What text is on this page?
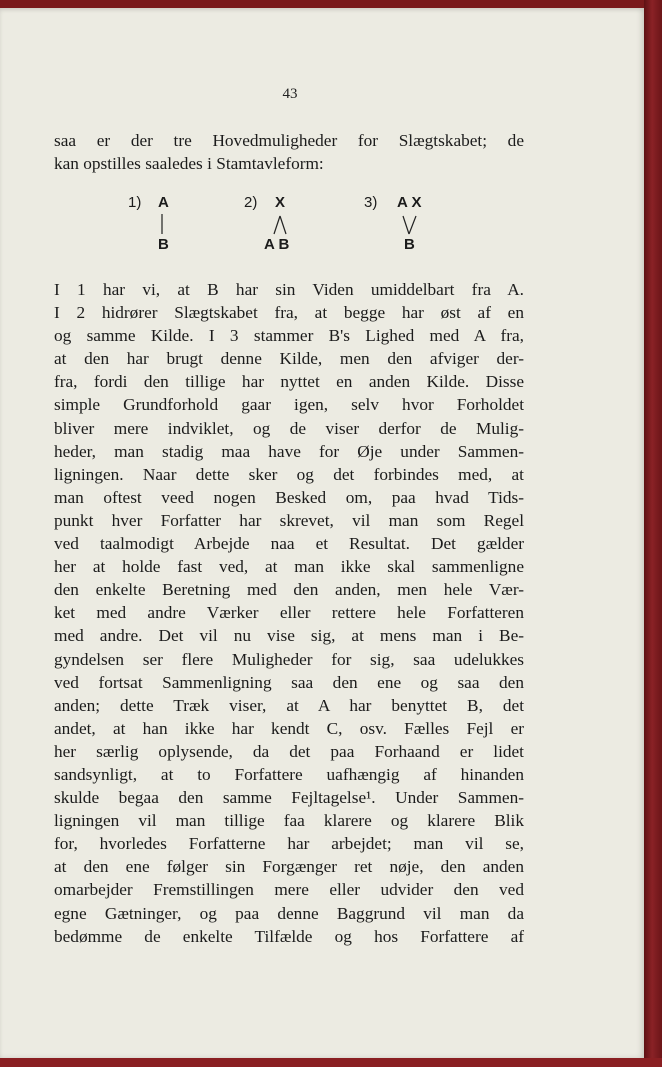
43
saa er der tre Hovedmuligheder for Slægtskabet; de
kan opstilles saaledes i Stamtavleform:
1) A
B
2) X
A B
3) A X
B
I 1 har vi, at B har sin Viden umiddelbart fra A.
I 2 hidrører Slægtskabet fra, at begge har øst af en
og samme Kilde. I 3 stammer B's Lighed med A fra,
at den har brugt denne Kilde, men den afviger der-
fra, fordi den tillige har nyttet en anden Kilde. Disse
simple Grundforhold gaar igen, selv hvor Forholdet
bliver mere indviklet, og de viser derfor de Mulig-
heder, man stadig maa have for Øje under Sammen-
ligningen. Naar dette sker og det forbindes med, at
man oftest veed nogen Besked om, paa hvad Tids-
punkt hver Forfatter har skrevet, vil man som Regel
ved taalmodigt Arbejde naa et Resultat. Det gælder
her at holde fast ved, at man ikke skal sammenligne
den enkelte Beretning med den anden, men hele Vær-
ket med andre Værker eller rettere hele Forfatteren
med andre. Det vil nu vise sig, at mens man i Be-
gyndelsen ser flere Muligheder for sig, saa udelukkes
ved fortsat Sammenligning saa den ene og saa den
anden; dette Træk viser, at A har benyttet B, det
andet, at han ikke har kendt C, osv. Fælles Fejl er
her særlig oplysende, da det paa Forhaand er lidet
sandsynligt, at to Forfattere uafhængig af hinanden
skulde begaa den samme Fejltagelse¹. Under Sammen-
ligningen vil man tillige faa klarere og klarere Blik
for, hvorledes Forfatterne har arbejdet; man vil se,
at den ene følger sin Forgænger ret nøje, den anden
omarbejder Fremstillingen mere eller udvider den ved
egne Gætninger, og paa denne Baggrund vil man da
bedømme de enkelte Tilfælde og hos Forfattere af
